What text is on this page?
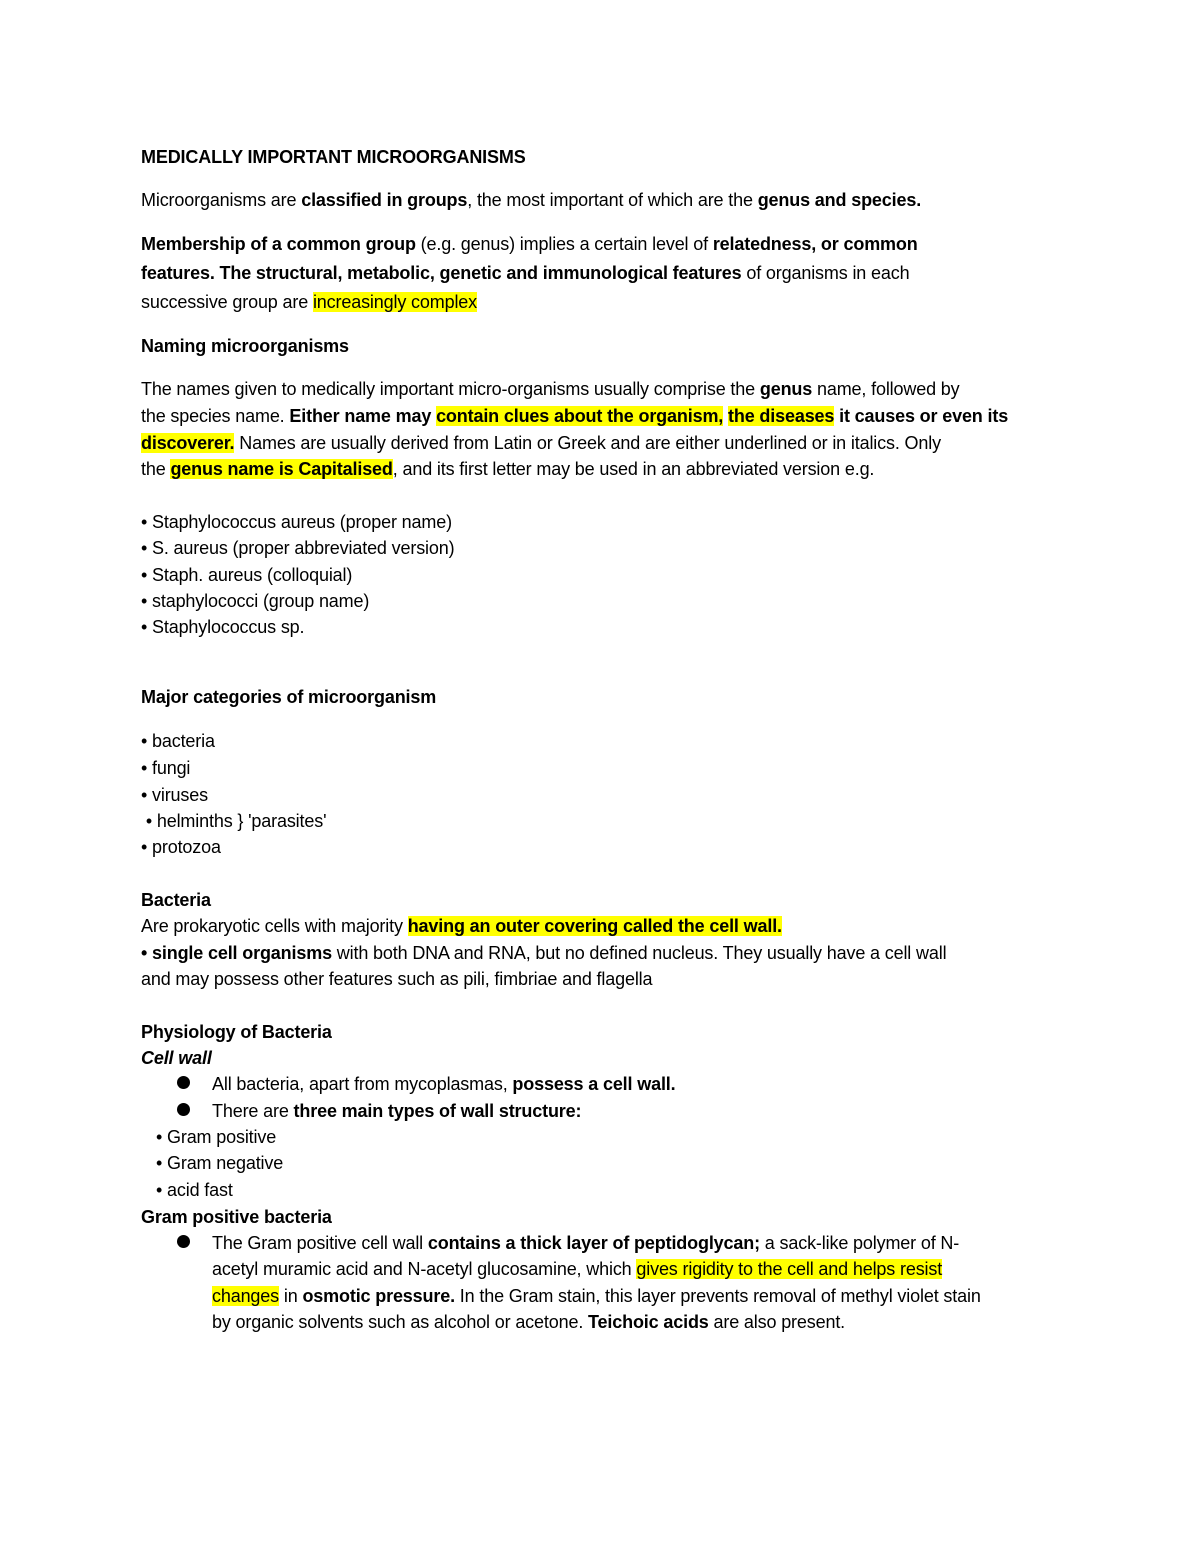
MEDICALLY IMPORTANT MICROORGANISMS
Microorganisms are classified in groups, the most important of which are the genus and species.
Membership of a common group (e.g. genus) implies a certain level of relatedness, or common
features. The structural, metabolic, genetic and immunological features of organisms in each
successive group are increasingly complex
Naming microorganisms
The names given to medically important micro-organisms usually comprise the genus name, followed by
the species name. Either name may contain clues about the organism, the diseases it causes or even its
discoverer. Names are usually derived from Latin or Greek and are either underlined or in italics. Only
the genus name is Capitalised, and its first letter may be used in an abbreviated version e.g.
• Staphylococcus aureus (proper name)
• S. aureus (proper abbreviated version)
• Staph. aureus (colloquial)
• staphylococci (group name)
• Staphylococcus sp.
Major categories of microorganism
• bacteria
• fungi
• viruses
• helminths } 'parasites'
• protozoa
Bacteria
Are prokaryotic cells with majority having an outer covering called the cell wall.
• single cell organisms with both DNA and RNA, but no defined nucleus. They usually have a cell wall
and may possess other features such as pili, fimbriae and flagella
Physiology of Bacteria
Cell wall
All bacteria, apart from mycoplasmas, possess a cell wall.
There are three main types of wall structure:
• Gram positive
• Gram negative
• acid fast
Gram positive bacteria
The Gram positive cell wall contains a thick layer of peptidoglycan; a sack-like polymer of N-
acetyl muramic acid and N-acetyl glucosamine, which gives rigidity to the cell and helps resist
changes in osmotic pressure. In the Gram stain, this layer prevents removal of methyl violet stain
by organic solvents such as alcohol or acetone. Teichoic acids are also present.
